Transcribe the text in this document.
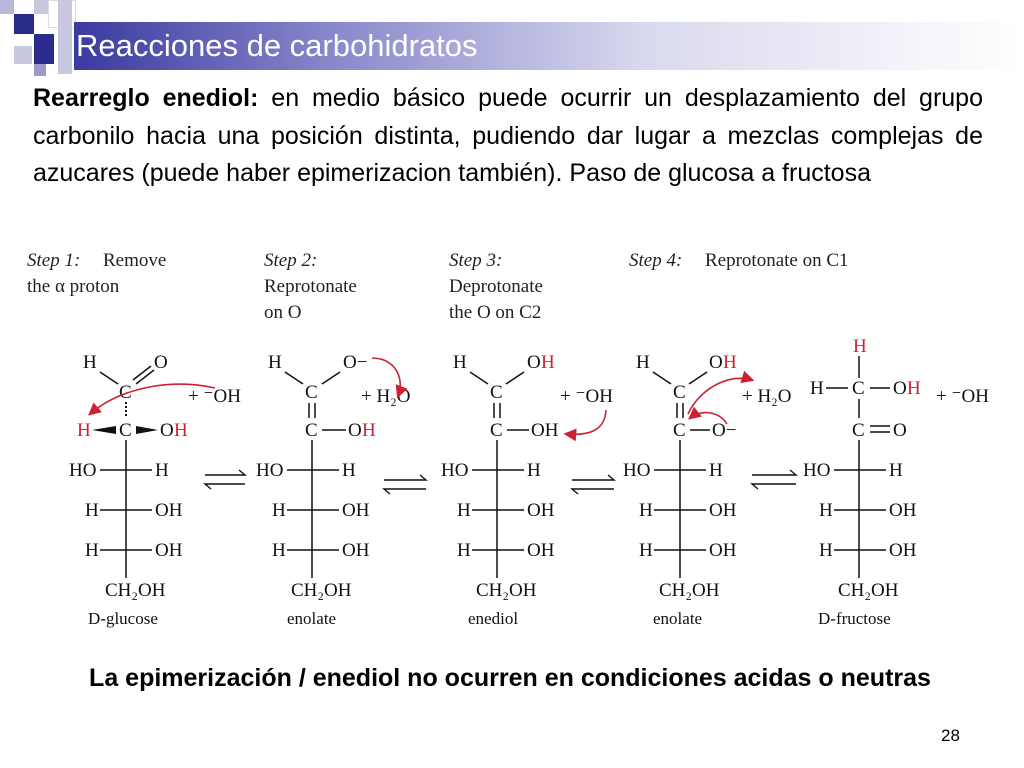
Reacciones de carbohidratos
Rearreglo enediol: en medio básico puede ocurrir un desplazamiento del grupo carbonilo hacia una posición distinta, pudiendo dar lugar a mezclas complejas de azucares (puede haber epimerizacion también). Paso de glucosa a fructosa
Step 1: Remove
the α proton
Step 2:
Reprotonate
on O
Step 3:
Deprotonate
the O on C2
Step 4: Reprotonate on C1
H	O
C	+ ⁻OH
H C O H
HO	H
H	OH
H	OH
CH₂OH
D-glucose
H	O−
C + H₂O
C O H
HO	H
H	OH
H	OH
CH₂OH
enolate
H	O H
C	+ ⁻OH
C OH
HO	H
H	OH
H	OH
CH₂OH
enediol
H	O H
C	+ H₂O
C O−
HO	H
H	OH
H	OH
CH₂OH
enolate
H
H C O H + ⁻OH
C O
HO	H
H	OH
H	OH
CH₂OH
D-fructose
La epimerización / enediol no ocurren en condiciones acidas o neutras
28
